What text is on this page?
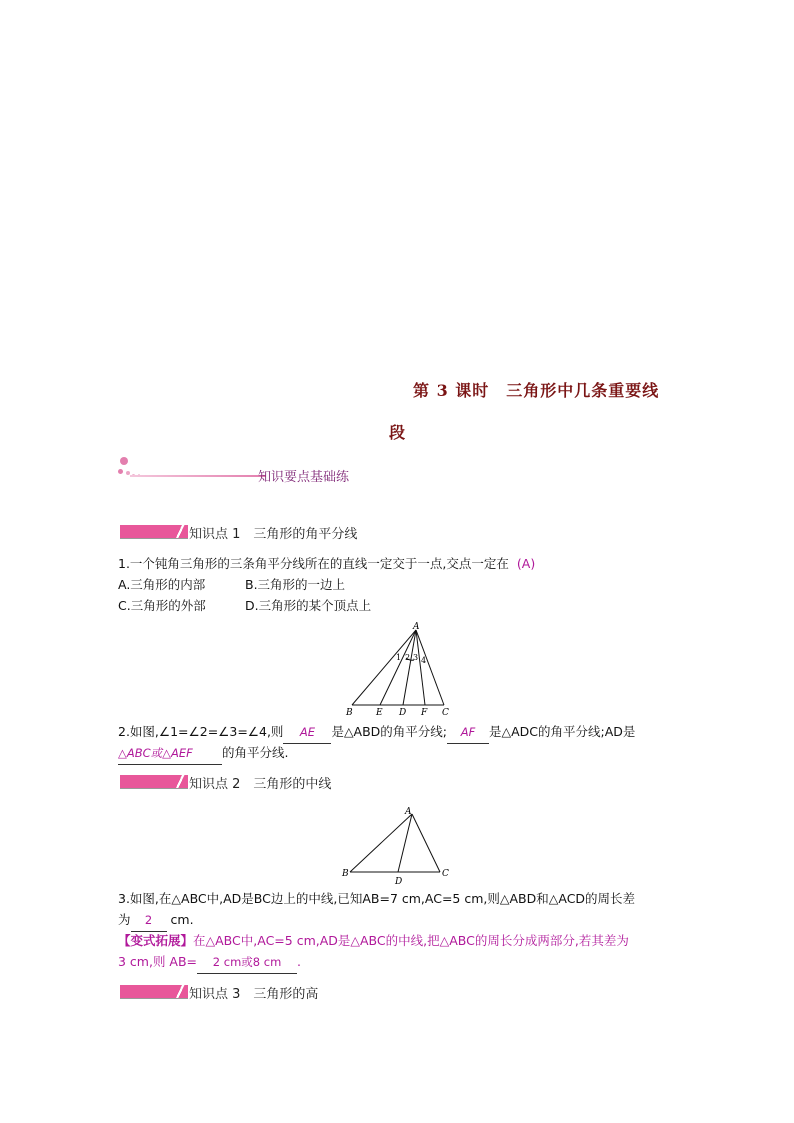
第 3 课时　三角形中几条重要线
段
知识要点基础练
知识点 1　三角形的角平分线
1.一个钝角三角形的三条角平分线所在的直线一定交于一点,交点一定在 (A)
A.三角形的内部	B.三角形的一边上
C.三角形的外部	D.三角形的某个顶点上
A
B	E D F C
1 2 3 4
2.如图,∠1=∠2=∠3=∠4,则 AE 是△ABD的角平分线; AF 是△ADC的角平分线;AD是
△ABC或△AEF 的角平分线.
知识点 2　三角形的中线
A
B
D
C
3.如图,在△ABC中,AD是BC边上的中线,已知AB=7 cm,AC=5 cm,则△ABD和△ACD的周长差
为 2 cm.
【变式拓展】在△ABC中,AC=5 cm,AD是△ABC的中线,把△ABC的周长分成两部分,若其差为
3 cm,则 AB= 2 cm或8 cm .
知识点 3　三角形的高
